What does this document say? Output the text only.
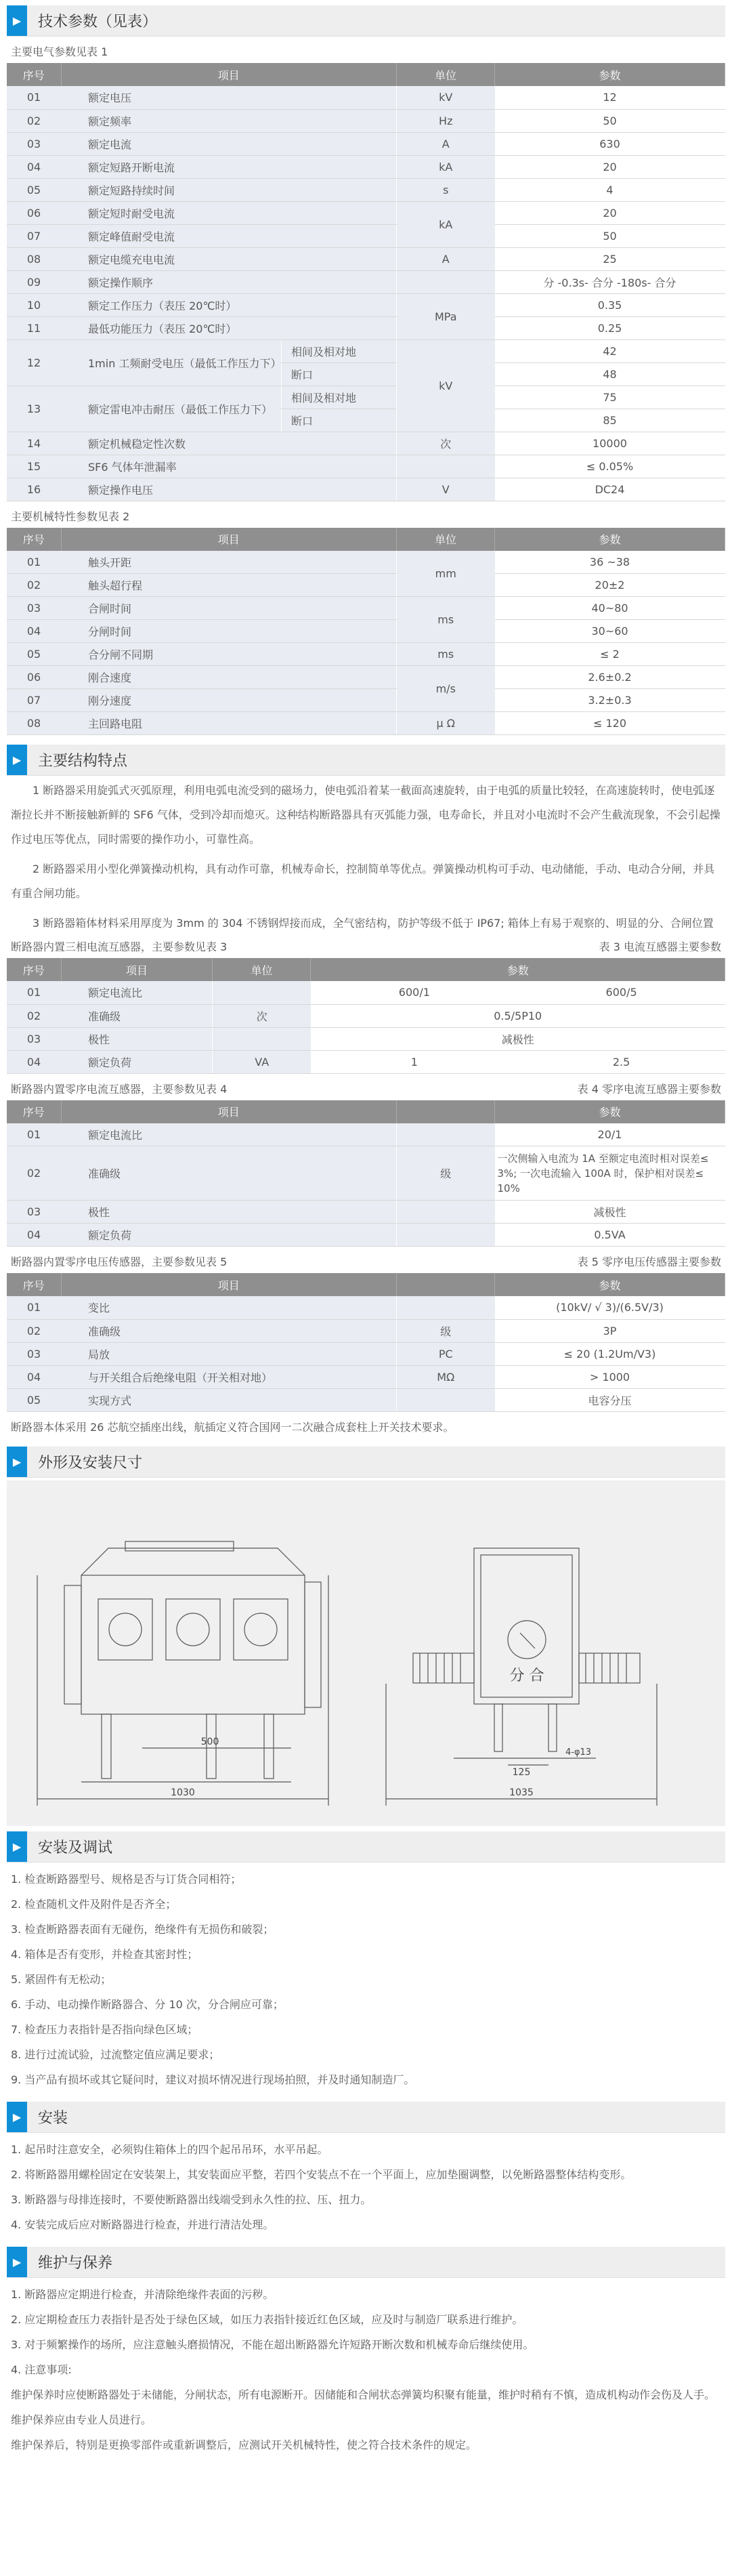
▶	技术参数（见表）
主要电气参数见表 1
序号	项目		单位	参数
01	额定电压		kV	12
02	额定频率		Hz	50
03	额定电流		A	630
04	额定短路开断电流		kA	20
05	额定短路持续时间		s	4
06	额定短时耐受电流		kA	20
07	额定峰值耐受电流			50
08	额定电缆充电电流		A	25
09	额定操作顺序			分 -0.3s- 合分 -180s- 合分
10	额定工作压力（表压 20℃时）		MPa	0.35
11	最低功能压力（表压 20℃时）			0.25
12	1min 工频耐受电压（最低工作压力下）	相间及相对地	kV	42
		断口		48
13	额定雷电冲击耐压（最低工作压力下）	相间及相对地		75
		断口		85
14	额定机械稳定性次数		次	10000
15	SF6 气体年泄漏率			≤ 0.05%
16	额定操作电压		V	DC24
主要机械特性参数见表 2
序号	项目	单位	参数
01	触头开距	mm	36 ~38
02	触头超行程		20±2
03	合闸时间	ms	40~80
04	分闸时间		30~60
05	合分闸不同期	ms	≤ 2
06	刚合速度	m/s	2.6±0.2
07	刚分速度		3.2±0.3
08	主回路电阻	μ Ω	≤ 120
▶	主要结构特点
1 断路器采用旋弧式灭弧原理，利用电弧电流受到的磁场力，使电弧沿着某一截面高速旋转，由于电弧的质量比较轻，在高速旋转时，使电弧逐渐拉长并不断接触新鲜的 SF6 气体，受到冷却而熄灭。这种结构断路器具有灭弧能力强，电寿命长，并且对小电流时不会产生截流现象，不会引起操作过电压等优点，同时需要的操作功小，可靠性高。
2 断路器采用小型化弹簧操动机构，具有动作可靠，机械寿命长，控制简单等优点。弹簧操动机构可手动、电动储能，手动、电动合分闸，并具有重合闸功能。
3 断路器箱体材料采用厚度为 3mm 的 304 不锈钢焊接而成，全气密结构，防护等级不低于 IP67; 箱体上有易于观察的、明显的分、合闸位置
断路器内置三相电流互感器，主要参数见表 3	表 3 电流互感器主要参数
序号	项目	单位	参数	
01	额定电流比		600/1	600/5
02	准确级	次	0.5/5P10	
03	极性		减极性	
04	额定负荷	VA	1	2.5
断路器内置零序电流互感器，主要参数见表 4	表 4 零序电流互感器主要参数
序号	项目		参数
01	额定电流比		20/1
02	准确级	级	一次侧输入电流为 1A 至额定电流时相对误差≤ 3%; 一次电流输入 100A 时，保护相对误差≤ 10%
03	极性		减极性
04	额定负荷		0.5VA
断路器内置零序电压传感器，主要参数见表 5	表 5 零序电压传感器主要参数
序号	项目		参数
01	变比		(10kV/ √ 3)/(6.5V/3)
02	准确级	级	3P
03	局放	PC	≤ 20 (1.2Um/V3)
04	与开关组合后绝缘电阻（开关相对地）	MΩ	> 1000
05	实现方式		电容分压
断路器本体采用 26 芯航空插座出线，航插定义符合国网一二次融合成套柱上开关技术要求。
▶	外形及安装尺寸
500
1030
125
1035
4-φ13
分 合
▶	安装及调试
1. 检查断路器型号、规格是否与订货合同相符；
2. 检查随机文件及附件是否齐全；
3. 检查断路器表面有无碰伤，绝缘件有无损伤和破裂；
4. 箱体是否有变形，并检查其密封性；
5. 紧固件有无松动；
6. 手动、电动操作断路器合、分 10 次，分合闸应可靠；
7. 检查压力表指针是否指向绿色区域；
8. 进行过流试验，过流整定值应满足要求；
9. 当产品有损坏或其它疑问时，建议对损坏情况进行现场拍照，并及时通知制造厂。
▶	安装
1. 起吊时注意安全，必须钩住箱体上的四个起吊吊环，水平吊起。
2. 将断路器用螺栓固定在安装架上，其安装面应平整，若四个安装点不在一个平面上，应加垫圈调整，以免断路器整体结构变形。
3. 断路器与母排连接时，不要使断路器出线端受到永久性的拉、压、扭力。
4. 安装完成后应对断路器进行检查，并进行清洁处理。
▶	维护与保养
1. 断路器应定期进行检查，并清除绝缘件表面的污秽。
2. 应定期检查压力表指针是否处于绿色区域，如压力表指针接近红色区域，应及时与制造厂联系进行维护。
3. 对于频繁操作的场所，应注意触头磨损情况，不能在超出断路器允许短路开断次数和机械寿命后继续使用。
4. 注意事项:
维护保养时应使断路器处于未储能，分闸状态，所有电源断开。因储能和合闸状态弹簧均积聚有能量，维护时稍有不慎，造成机构动作会伤及人手。
维护保养应由专业人员进行。
维护保养后，特别是更换零部件或重新调整后，应测试开关机械特性，使之符合技术条件的规定。
